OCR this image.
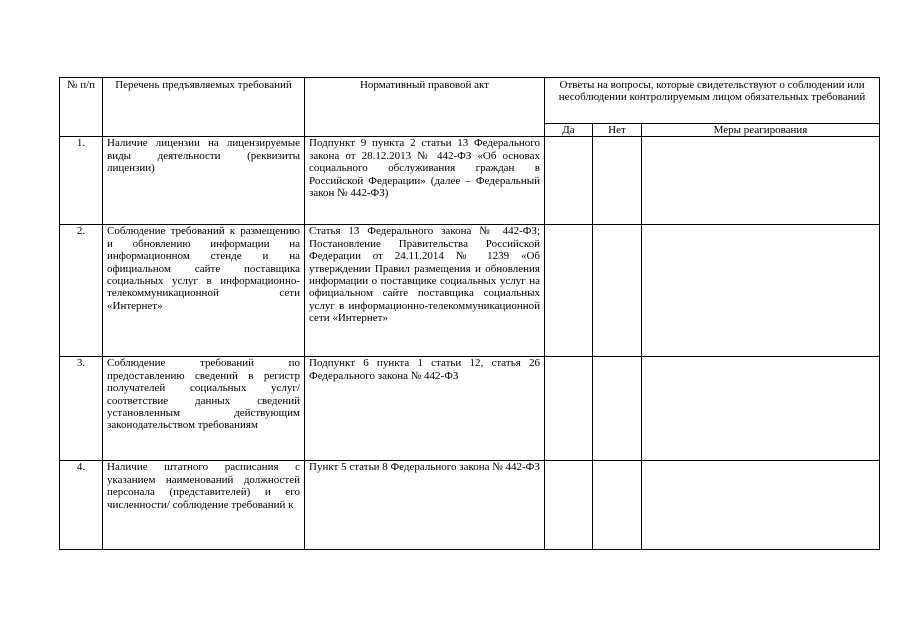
№ п/п	Перечень предъявляемых требований	Нормативный правовой акт	Ответы на вопросы, которые свидетельствуют о соблюдении или несоблюдении контролируемым лицом обязательных требований		
			Да	Нет	Меры реагирования
1.	Наличие лицензии на лицензируемые виды деятельности (реквизиты лицензии)	Подпункт 9 пункта 2 статьи 13 Федерального закона от 28.12.2013 № 442-ФЗ «Об основах социального обслуживания граждан в Российской Федерации» (далее – Федеральный закон № 442-ФЗ)			
2.	Соблюдение требований к размещению и обновлению информации на информационном стенде и на официальном сайте поставщика социальных услуг в информационно-телекоммуникационной сети «Интернет»	Статья 13 Федерального закона № 442-ФЗ; Постановление Правительства Российской Федерации от 24.11.2014 № 1239 «Об утверждении Правил размещения и обновления информации о поставщике социальных услуг на официальном сайте поставщика социальных услуг в информационно-телекоммуникационной сети «Интернет»			
3.	Соблюдение требований по предоставлению сведений в регистр получателей социальных услуг/соответствие данных сведений установленным действующим законодательством требованиям	Подпункт 6 пункта 1 статьи 12, статья 26 Федерального закона № 442-ФЗ			
4.	Наличие штатного расписания с указанием наименований должностей персонала (представителей) и его численности/ соблюдение требований к	Пункт 5 статьи 8 Федерального закона № 442-ФЗ			
